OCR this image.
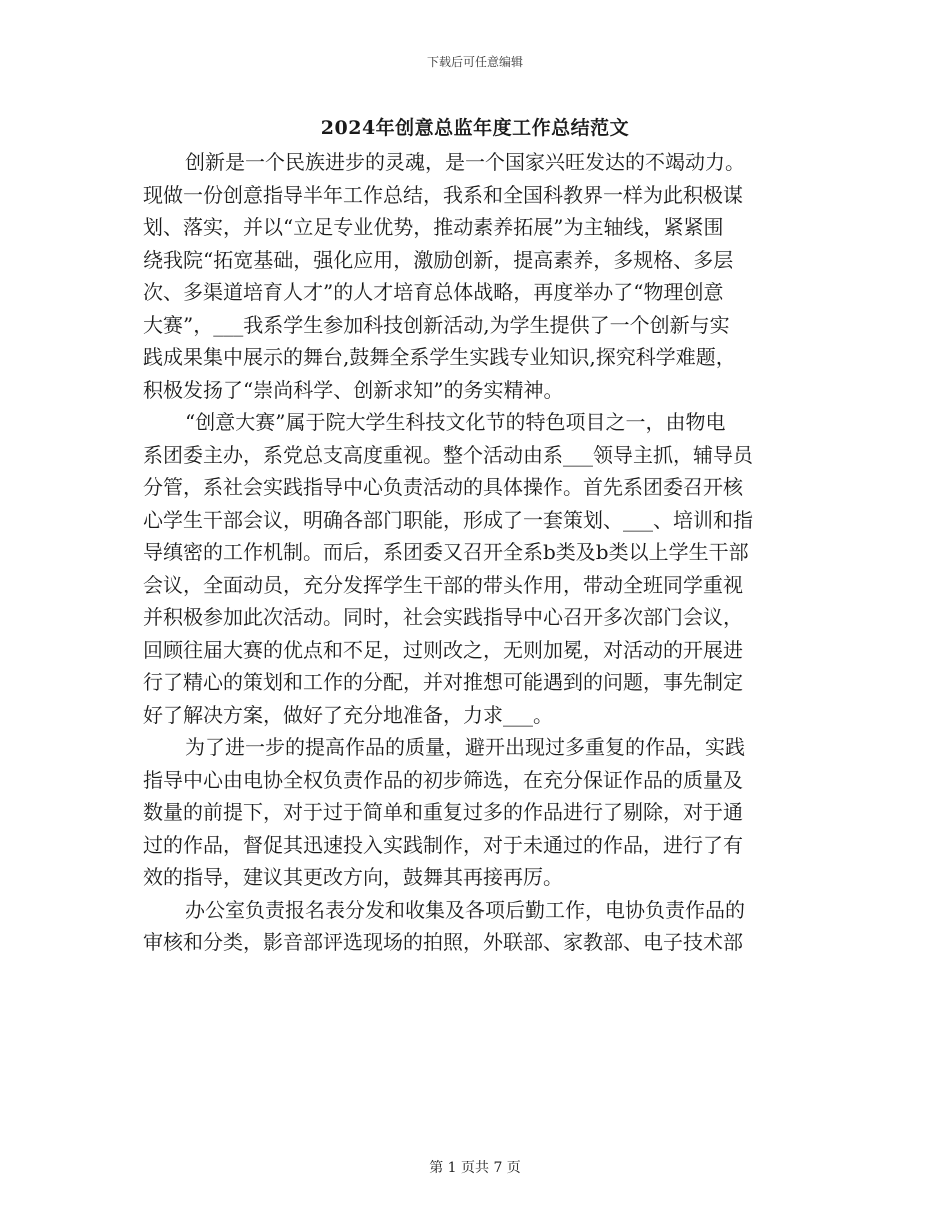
下载后可任意编辑
2024年创意总监年度工作总结范文

创新是一个民族进步的灵魂，是一个国家兴旺发达的不竭动力。
现做一份创意指导半年工作总结，我系和全国科教界一样为此积极谋
划、落实，并以“立足专业优势，推动素养拓展”为主轴线，紧紧围
绕我院“拓宽基础，强化应用，激励创新，提高素养，多规格、多层
次、多渠道培育人才”的人才培育总体战略，再度举办了“物理创意
大赛”，___我系学生参加科技创新活动,为学生提供了一个创新与实
践成果集中展示的舞台,鼓舞全系学生实践专业知识,探究科学难题，
积极发扬了“崇尚科学、创新求知”的务实精神。

“创意大赛”属于院大学生科技文化节的特色项目之一，由物电
系团委主办，系党总支高度重视。整个活动由系___领导主抓，辅导员
分管，系社会实践指导中心负责活动的具体操作。首先系团委召开核
心学生干部会议，明确各部门职能，形成了一套策划、___、培训和指
导缜密的工作机制。而后，系团委又召开全系b类及b类以上学生干部
会议，全面动员，充分发挥学生干部的带头作用，带动全班同学重视
并积极参加此次活动。同时，社会实践指导中心召开多次部门会议，
回顾往届大赛的优点和不足，过则改之，无则加冕，对活动的开展进
行了精心的策划和工作的分配，并对推想可能遇到的问题，事先制定
好了解决方案，做好了充分地准备，力求___。

为了进一步的提高作品的质量，避开出现过多重复的作品，实践
指导中心由电协全权负责作品的初步筛选，在充分保证作品的质量及
数量的前提下，对于过于简单和重复过多的作品进行了剔除，对于通
过的作品，督促其迅速投入实践制作，对于未通过的作品，进行了有
效的指导，建议其更改方向，鼓舞其再接再厉。

办公室负责报名表分发和收集及各项后勤工作，电协负责作品的
审核和分类，影音部评选现场的拍照，外联部、家教部、电子技术部

第 1 页共 7 页
